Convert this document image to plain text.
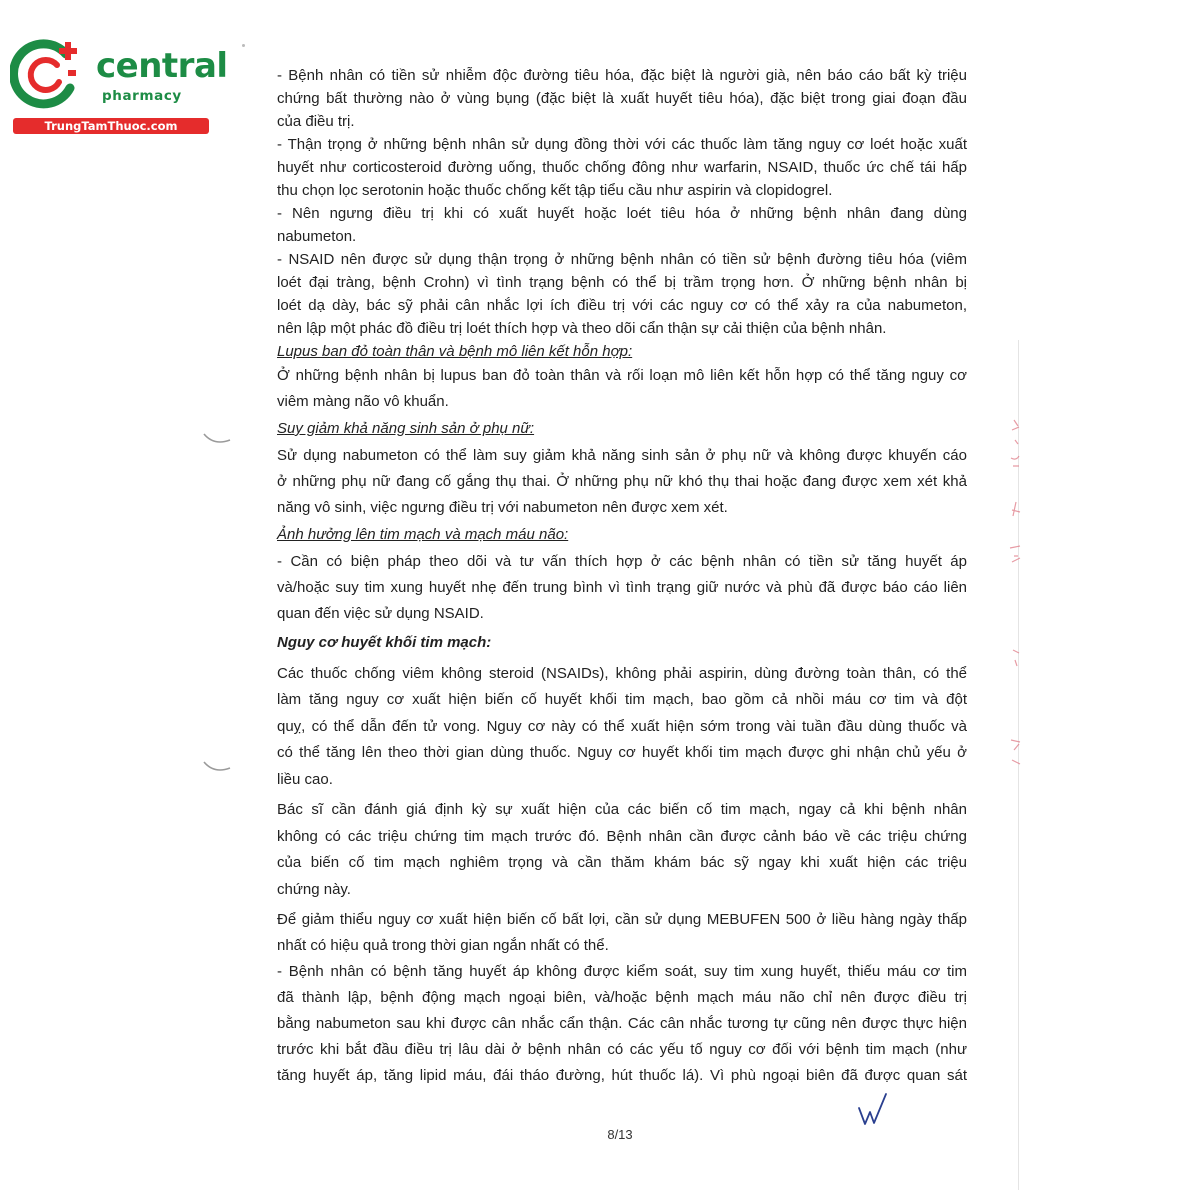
central
pharmacy
TrungTamThuoc.com
- Bệnh nhân có tiền sử nhiễm độc đường tiêu hóa, đặc biệt là người già, nên báo cáo bất kỳ triệu
chứng bất thường nào ở vùng bụng (đặc biệt là xuất huyết tiêu hóa), đặc biệt trong giai đoạn đầu
của điều trị.
- Thận trọng ở những bệnh nhân sử dụng đồng thời với các thuốc làm tăng nguy cơ loét hoặc xuất
huyết như corticosteroid đường uống, thuốc chống đông như warfarin, NSAID, thuốc ức chế tái hấp
thu chọn lọc serotonin hoặc thuốc chống kết tập tiểu cầu như aspirin và clopidogrel.
- Nên ngưng điều trị khi có xuất huyết hoặc loét tiêu hóa ở những bệnh nhân đang dùng
nabumeton.
- NSAID nên được sử dụng thận trọng ở những bệnh nhân có tiền sử bệnh đường tiêu hóa (viêm
loét đại tràng, bệnh Crohn) vì tình trạng bệnh có thể bị trầm trọng hơn. Ở những bệnh nhân bị
loét dạ dày, bác sỹ phải cân nhắc lợi ích điều trị với các nguy cơ có thể xảy ra của nabumeton,
nên lập một phác đồ điều trị loét thích hợp và theo dõi cẩn thận sự cải thiện của bệnh nhân.
Lupus ban đỏ toàn thân và bệnh mô liên kết hỗn hợp:
Ở những bệnh nhân bị lupus ban đỏ toàn thân và rối loạn mô liên kết hỗn hợp có thể tăng nguy cơ
viêm màng não vô khuẩn.
Suy giảm khả năng sinh sản ở phụ nữ:
Sử dụng nabumeton có thể làm suy giảm khả năng sinh sản ở phụ nữ và không được khuyến cáo
ở những phụ nữ đang cố gắng thụ thai. Ở những phụ nữ khó thụ thai hoặc đang được xem xét khả
năng vô sinh, việc ngưng điều trị với nabumeton nên được xem xét.
Ảnh hưởng lên tim mạch và mạch máu não:
- Cần có biện pháp theo dõi và tư vấn thích hợp ở các bệnh nhân có tiền sử tăng huyết áp
và/hoặc suy tim xung huyết nhẹ đến trung bình vì tình trạng giữ nước và phù đã được báo cáo liên
quan đến việc sử dụng NSAID.
Nguy cơ huyết khối tim mạch:
Các thuốc chống viêm không steroid (NSAIDs), không phải aspirin, dùng đường toàn thân, có thể
làm tăng nguy cơ xuất hiện biến cố huyết khối tim mạch, bao gồm cả nhồi máu cơ tim và đột
quỵ, có thể dẫn đến tử vong. Nguy cơ này có thể xuất hiện sớm trong vài tuần đầu dùng thuốc và
có thể tăng lên theo thời gian dùng thuốc. Nguy cơ huyết khối tim mạch được ghi nhận chủ yếu ở
liều cao.
Bác sĩ cần đánh giá định kỳ sự xuất hiện của các biến cố tim mạch, ngay cả khi bệnh nhân
không có các triệu chứng tim mạch trước đó. Bệnh nhân cần được cảnh báo về các triệu chứng
của biến cố tim mạch nghiêm trọng và cần thăm khám bác sỹ ngay khi xuất hiện các triệu
chứng này.
Để giảm thiểu nguy cơ xuất hiện biến cố bất lợi, cần sử dụng MEBUFEN 500 ở liều hàng ngày thấp
nhất có hiệu quả trong thời gian ngắn nhất có thể.
- Bệnh nhân có bệnh tăng huyết áp không được kiểm soát, suy tim xung huyết, thiếu máu cơ tim
đã thành lập, bệnh động mạch ngoại biên, và/hoặc bệnh mạch máu não chỉ nên được điều trị
bằng nabumeton sau khi được cân nhắc cẩn thận. Các cân nhắc tương tự cũng nên được thực hiện
trước khi bắt đầu điều trị lâu dài ở bệnh nhân có các yếu tố nguy cơ đối với bệnh tim mạch (như
tăng huyết áp, tăng lipid máu, đái tháo đường, hút thuốc lá). Vì phù ngoại biên đã được quan sát
8/13
